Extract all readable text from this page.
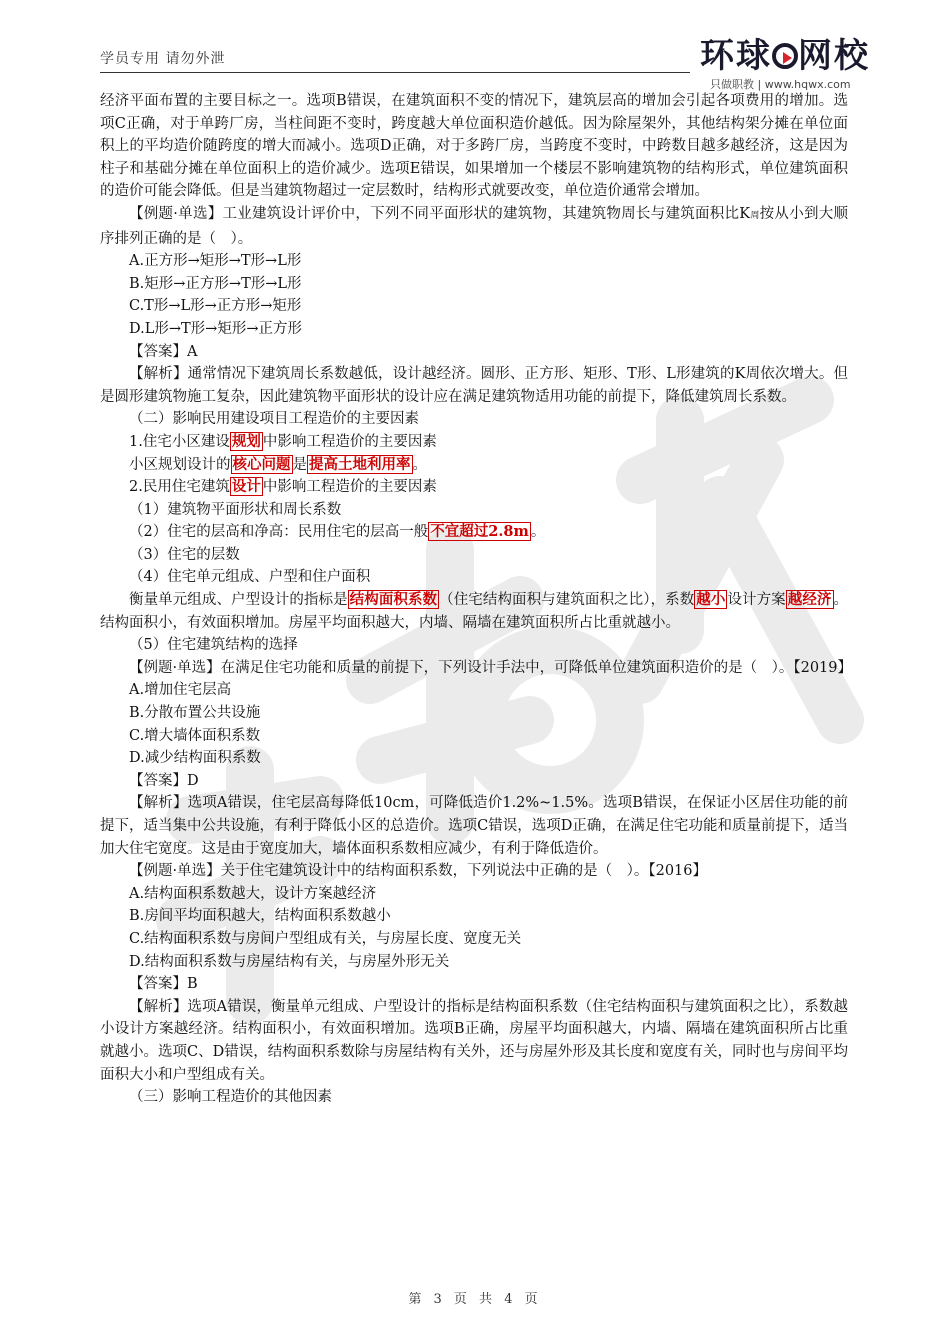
学员专用 请勿外泄	环球 网校
只做职教 | www.hqwx.com

经济平面布置的主要目标之一。选项B错误，在建筑面积不变的情况下，建筑层高的增加会引起各项费用的增加。选项C正确，对于单跨厂房，当柱间距不变时，跨度越大单位面积造价越低。因为除屋架外，其他结构架分摊在单位面积上的平均造价随跨度的增大而减小。选项D正确，对于多跨厂房，当跨度不变时，中跨数目越多越经济，这是因为柱子和基础分摊在单位面积上的造价减少。选项E错误，如果增加一个楼层不影响建筑物的结构形式，单位建筑面积的造价可能会降低。但是当建筑物超过一定层数时，结构形式就要改变，单位造价通常会增加。

【例题·单选】工业建筑设计评价中，下列不同平面形状的建筑物，其建筑物周长与建筑面积比K周按从小到大顺序排列正确的是（　）。

A.正方形→矩形→T形→L形

B.矩形→正方形→T形→L形

C.T形→L形→正方形→矩形

D.L形→T形→矩形→正方形

【答案】A

【解析】通常情况下建筑周长系数越低，设计越经济。圆形、正方形、矩形、T形、L形建筑的K周依次增大。但是圆形建筑物施工复杂，因此建筑物平面形状的设计应在满足建筑物适用功能的前提下，降低建筑周长系数。

（二）影响民用建设项目工程造价的主要因素

1.住宅小区建设 规划 中影响工程造价的主要因素

小区规划设计的 核心问题 是 提高土地利用率 。

2.民用住宅建筑 设计 中影响工程造价的主要因素

（1）建筑物平面形状和周长系数

（2）住宅的层高和净高：民用住宅的层高一般 不宜超过2.8m 。

（3）住宅的层数

（4）住宅单元组成、户型和住户面积

衡量单元组成、户型设计的指标是 结构面积系数 （住宅结构面积与建筑面积之比），系数 越小 设计方案 越经济 。结构面积小，有效面积增加。房屋平均面积越大，内墙、隔墙在建筑面积所占比重就越小。

（5）住宅建筑结构的选择

【例题·单选】在满足住宅功能和质量的前提下，下列设计手法中，可降低单位建筑面积造价的是（　）。【2019】

A.增加住宅层高

B.分散布置公共设施

C.增大墙体面积系数

D.减少结构面积系数

【答案】D

【解析】选项A错误，住宅层高每降低10cm，可降低造价1.2%~1.5%。选项B错误，在保证小区居住功能的前提下，适当集中公共设施，有利于降低小区的总造价。选项C错误，选项D正确，在满足住宅功能和质量前提下，适当加大住宅宽度。这是由于宽度加大，墙体面积系数相应减少，有利于降低造价。

【例题·单选】关于住宅建筑设计中的结构面积系数，下列说法中正确的是（　）。【2016】

A.结构面积系数越大，设计方案越经济

B.房间平均面积越大，结构面积系数越小

C.结构面积系数与房间户型组成有关，与房屋长度、宽度无关

D.结构面积系数与房屋结构有关，与房屋外形无关

【答案】B

【解析】选项A错误，衡量单元组成、户型设计的指标是结构面积系数（住宅结构面积与建筑面积之比），系数越小设计方案越经济。结构面积小，有效面积增加。选项B正确，房屋平均面积越大，内墙、隔墙在建筑面积所占比重就越小。选项C、D错误，结构面积系数除与房屋结构有关外，还与房屋外形及其长度和宽度有关，同时也与房间平均面积大小和户型组成有关。

（三）影响工程造价的其他因素

第 3 页 共 4 页
